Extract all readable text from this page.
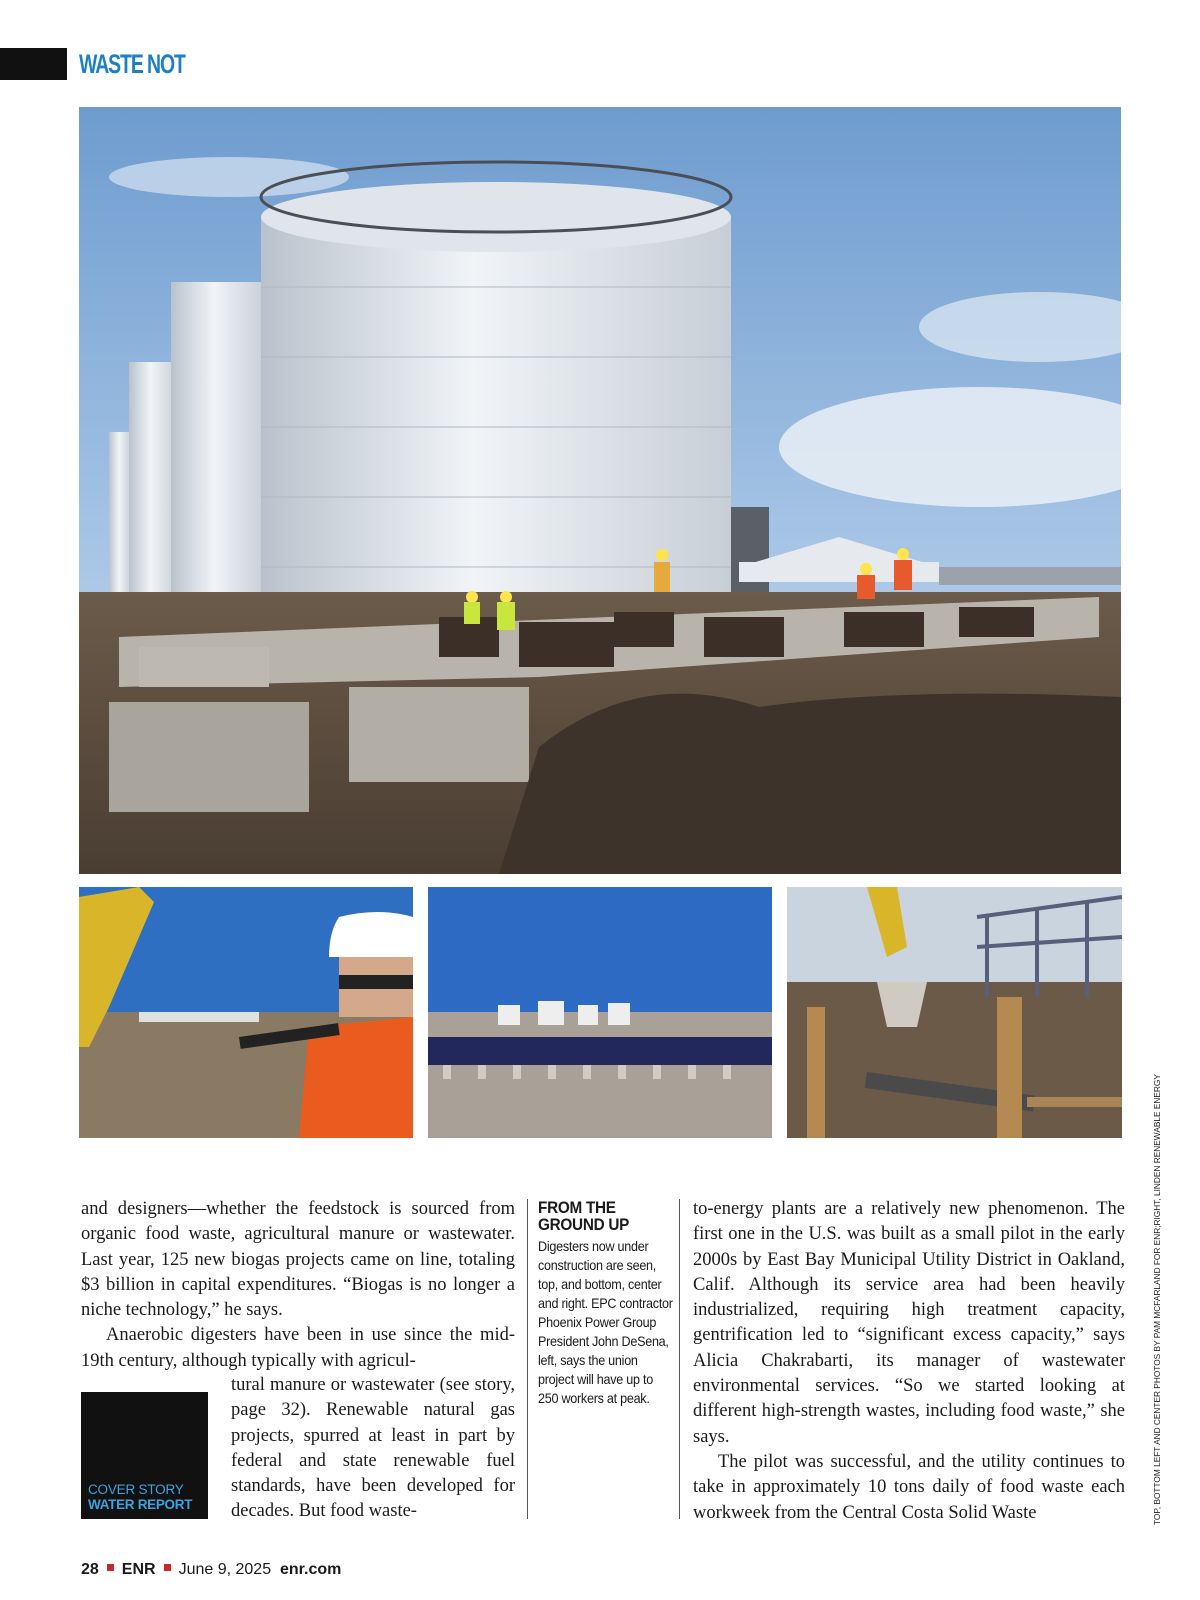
WASTE NOT

and designers—whether the feedstock is sourced from organic food waste, agricultural manure or wastewater. Last year, 125 new biogas projects came on line, totaling $3 billion in capital expenditures. “Biogas is no longer a niche technology,” he says.

Anaerobic digesters have been in use since the mid-19th century, although typically with agricul-

tural manure or wastewater (see story, page 32). Renewable natural gas projects, spurred at least in part by federal and state renewable fuel standards, have been developed for decades. But food waste-
COVER STORY
WATER REPORT
FROM THE GROUND UP
Digesters now under construction are seen, top, and bottom, center and right. EPC contractor Phoenix Power Group President John DeSena, left, says the union project will have up to 250 workers at peak.

to-energy plants are a relatively new phenomenon. The first one in the U.S. was built as a small pilot in the early 2000s by East Bay Municipal Utility District in Oakland, Calif. Although its service area had been heavily industrialized, requiring high treatment capacity, gentrification led to “significant excess capacity,” says Alicia Chakrabarti, its manager of wastewater environmental services. “So we started looking at different high-strength wastes, including food waste,” she says.

The pilot was successful, and the utility continues to take in approximately 10 tons daily of food waste each workweek from the Central Costa Solid Waste

28 ENR June 9, 2025 enr.com
TOP, BOTTOM LEFT AND CENTER PHOTOS BY PAM MCFARLAND FOR ENR;RIGHT, LINDEN RENEWABLE ENERGY
